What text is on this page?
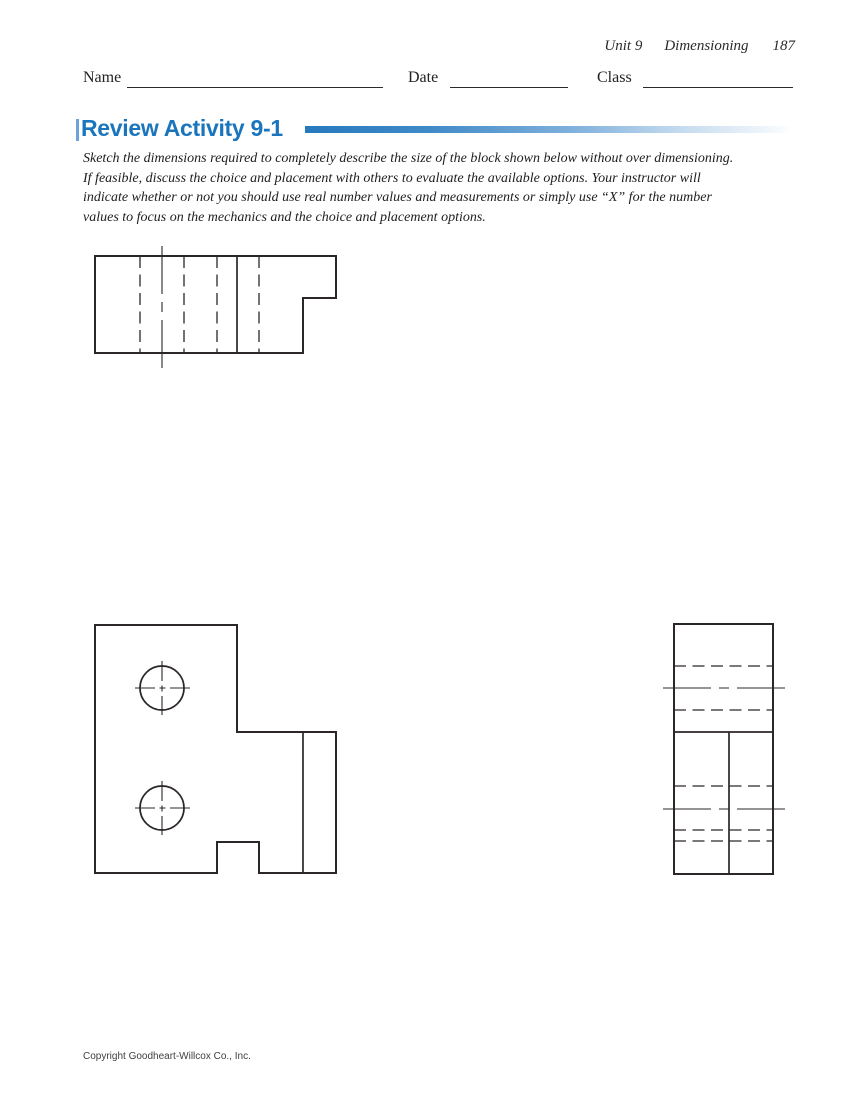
Unit 9 Dimensioning 187
Name	Date	Class
Review Activity 9-1
Sketch the dimensions required to completely describe the size of the block shown below without over dimensioning.
If feasible, discuss the choice and placement with others to evaluate the available options. Your instructor will
indicate whether or not you should use real number values and measurements or simply use “X” for the number
values to focus on the mechanics and the choice and placement options.
Copyright Goodheart-Willcox Co., Inc.
